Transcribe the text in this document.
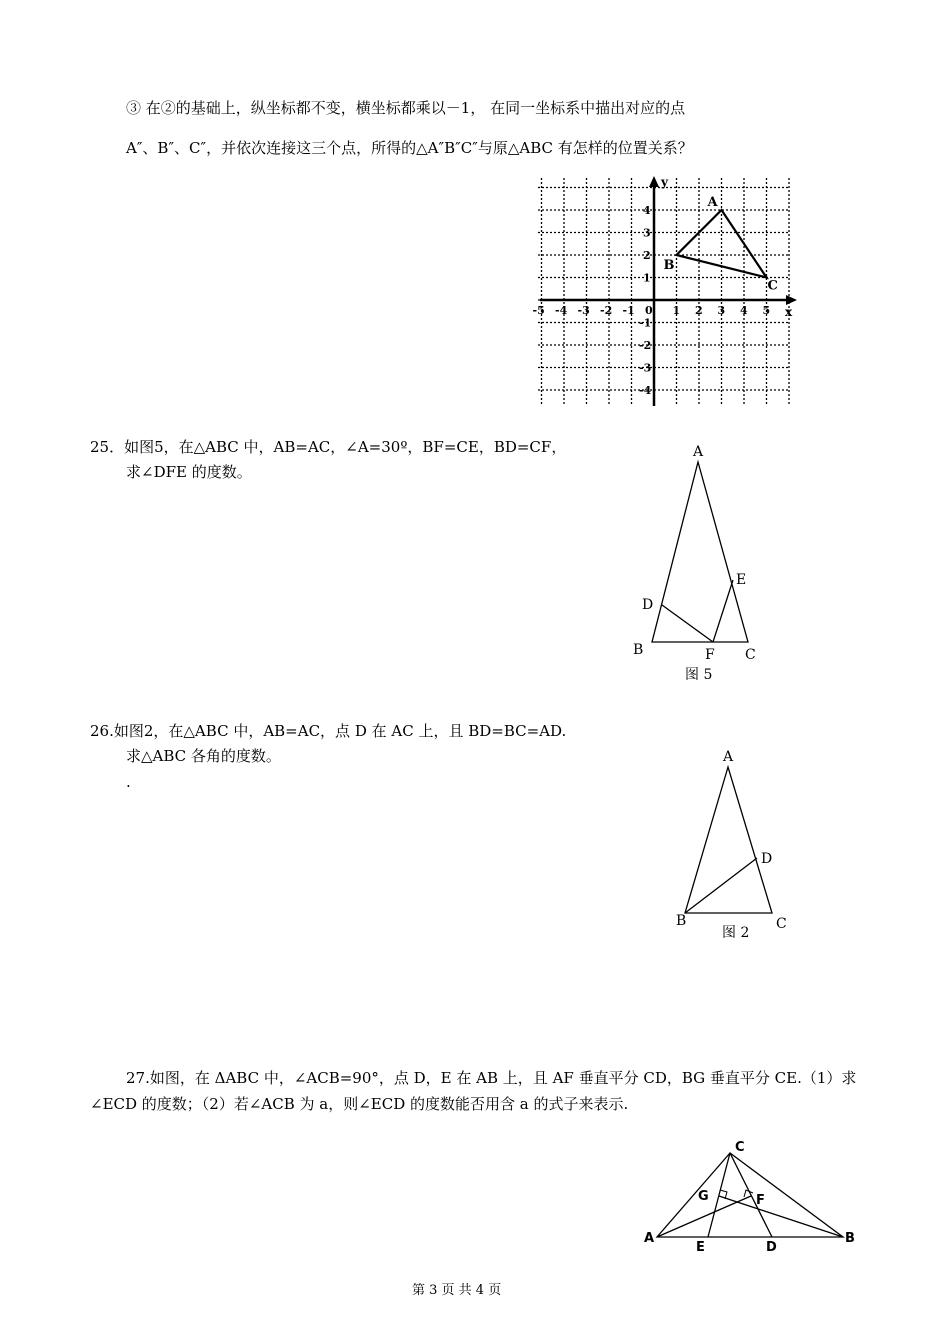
③ 在②的基础上，纵坐标都不变，横坐标都乘以－1， 在同一坐标系中描出对应的点
A″、B″、C″，并依次连接这三个点，所得的△A″B″C″与原△ABC 有怎样的位置关系？
-5 -4 -3 -2 -1	1 2 3 4 5
4
3
2
1
-1
-2
-3
-4
x
y
0
A
B
C
25．如图5，在△ABC 中，AB=AC，∠A=30º，BF=CE，BD=CF，
求∠DFE 的度数。
A
B	C
D
E
F
图 5
26.如图2，在△ABC 中，AB=AC，点 D 在 AC 上，且 BD=BC=AD.
求△ABC 各角的度数。
.
A
B	C
D
图 2
27.如图，在 ΔABC 中，∠ACB=90°，点 D，E 在 AB 上，且 AF 垂直平分 CD，BG 垂直平分 CE.（1）求
∠ECD 的度数；（2）若∠ACB 为 a，则∠ECD 的度数能否用含 a 的式子来表示.
C
A	B
E	D
G	F
第 3 页 共 4 页
